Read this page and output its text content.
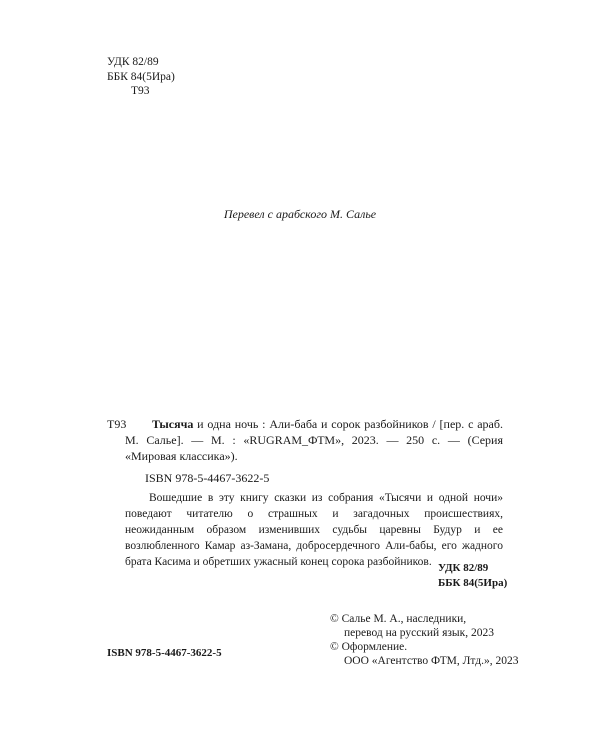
УДК 82/89
ББК 84(5Ира)
Т93
Перевел с арабского М. Салье
Т93	Тысяча и одна ночь : Али-баба и сорок разбойников / [пер. с араб. М. Салье]. — М. : «RUGRAM_ФТМ», 2023. — 250 с. — (Серия «Мировая классика»).
ISBN 978-5-4467-3622-5
Вошедшие в эту книгу сказки из собрания «Тысячи и одной ночи» поведают читателю о страшных и загадочных происшествиях, неожиданным образом изменивших судьбы царевны Будур и ее возлюбленного Камар аз-Замана, добросердечного Али-бабы, его жадного брата Касима и обретших ужасный конец сорока разбойников. УДК 82/89
ББК 84(5Ира)
© Салье М. А., наследники,
перевод на русский язык, 2023
© Оформление.
ООО «Агентство ФТМ, Лтд.», 2023
ISBN 978-5-4467-3622-5
